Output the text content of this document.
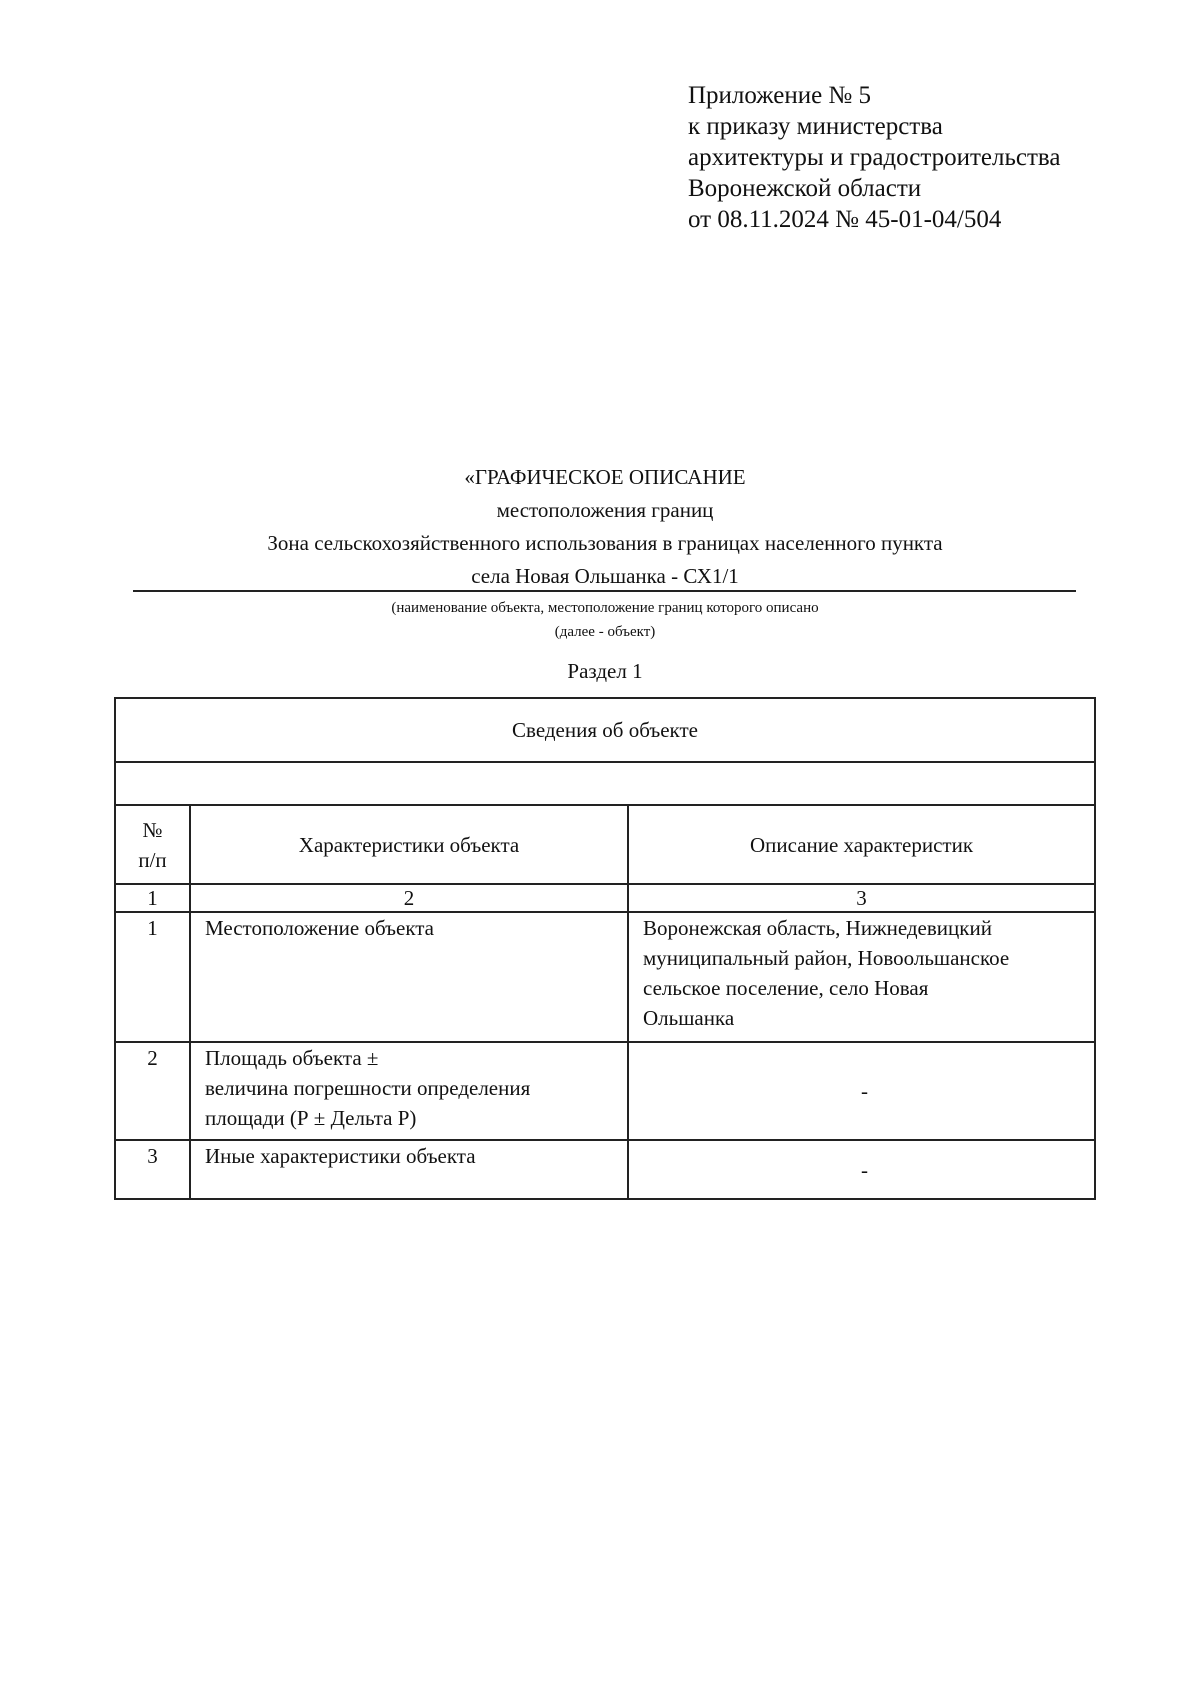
Приложение № 5
к приказу министерства
архитектуры и градостроительства
Воронежской области
от 08.11.2024 № 45-01-04/504
«ГРАФИЧЕСКОЕ ОПИСАНИЕ
местоположения границ
Зона сельскохозяйственного использования в границах населенного пункта
села Новая Ольшанка - СХ1/1
(наименование объекта, местоположение границ которого описано
(далее - объект)
Раздел 1
Сведения об объекте		

№
п/п	Характеристики объекта	Описание характеристик
1	2	3
1	Местоположение объекта	Воронежская область, Нижнедевицкий
муниципальный район, Новоольшанское
сельское поселение, село Новая
Ольшанка

2	Площадь объекта ±
величина погрешности определения
площади (Р ± Дельта Р)	-

3	Иные характеристики объекта	-
